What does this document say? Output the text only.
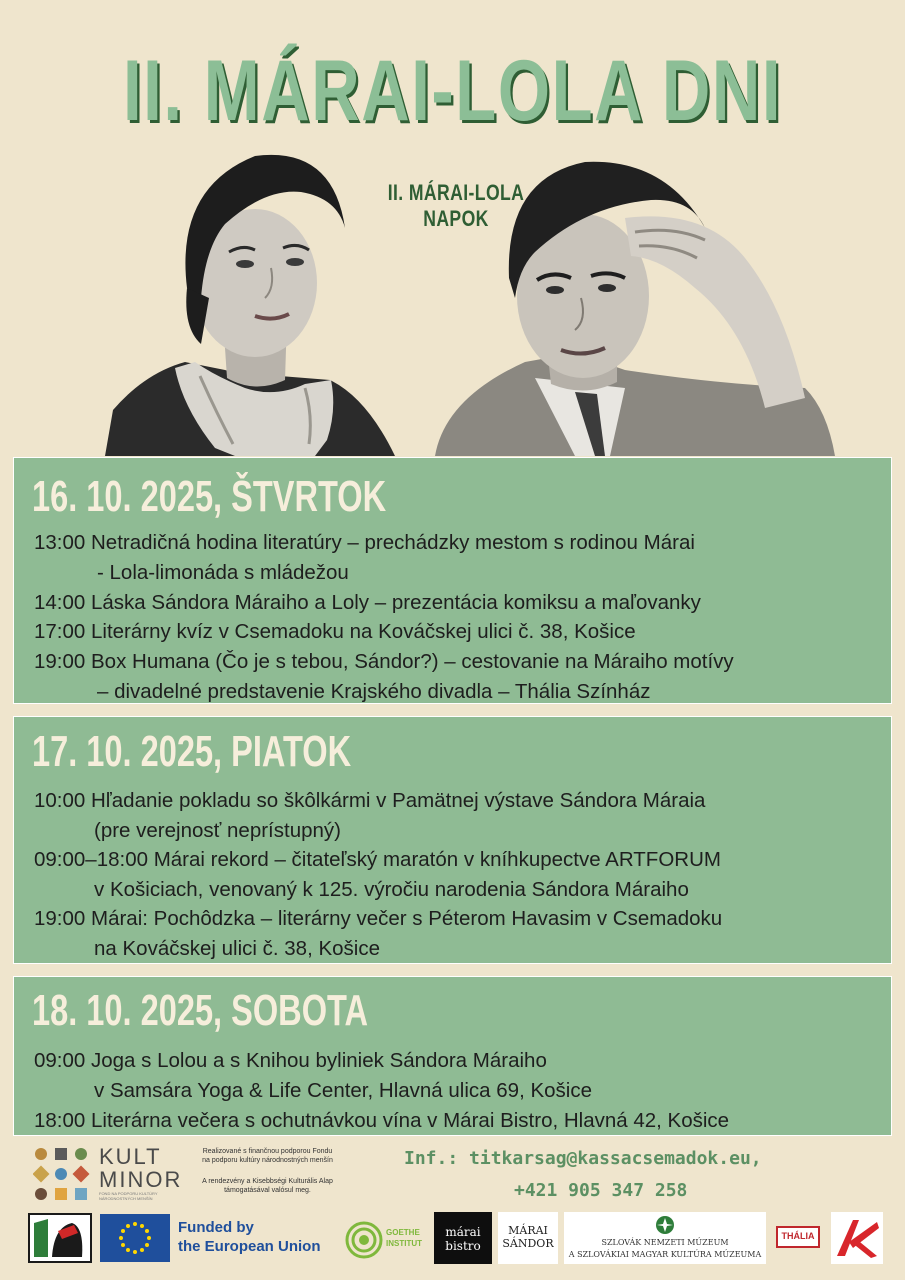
II. MÁRAI-LOLA DNI
II. MÁRAI-LOLA NAPOK
16. 10. 2025, ŠTVRTOK
13:00 Netradičná hodina literatúry – prechádzky mestom s rodinou Márai
- Lola-limonáda s mládežou
14:00 Láska Sándora Máraiho a Loly – prezentácia komiksu a maľovanky
17:00 Literárny kvíz v Csemadoku na Kováčskej ulici č. 38, Košice
19:00 Box Humana (Čo je s tebou, Sándor?) – cestovanie na Máraiho motívy
– divadelné predstavenie Krajského divadla – Thália Színház
17. 10. 2025, PIATOK
10:00 Hľadanie pokladu so škôlkármi v Pamätnej výstave Sándora Máraia
(pre verejnosť neprístupný)
09:00–18:00 Márai rekord – čitateľský maratón v kníhkupectve ARTFORUM
v Košiciach, venovaný k 125. výročiu narodenia Sándora Máraiho
19:00 Márai: Pochôdzka – literárny večer s Péterom Havasim v Csemadoku
na Kováčskej ulici č. 38, Košice
18. 10. 2025, SOBOTA
09:00 Joga s Lolou a s Knihou byliniek Sándora Máraiho
v Samsára Yoga & Life Center, Hlavná ulica 69, Košice
18:00 Literárna večera s ochutnávkou vína v Márai Bistro, Hlavná 42, Košice
KULT
MINOR
FOND NA PODPORU KULTÚRY NÁRODNOSTNÝCH MENŠÍN
Realizované s finančnou podporou Fondu na podporu kultúry národnostných menšín
A rendezvény a Kisebbségi Kulturális Alap támogatásával valósul meg.
Inf.: titkarsag@kassacsemadok.eu,
+421 905 347 258
Funded by
the European Union
GOETHE
INSTITUT
márai
bistro
MÁRAI
SÁNDOR	SZLOVÁK NEMZETI MÚZEUM
A SZLOVÁKIAI MAGYAR KULTÚRA MÚZEUMA
THÁLIA
